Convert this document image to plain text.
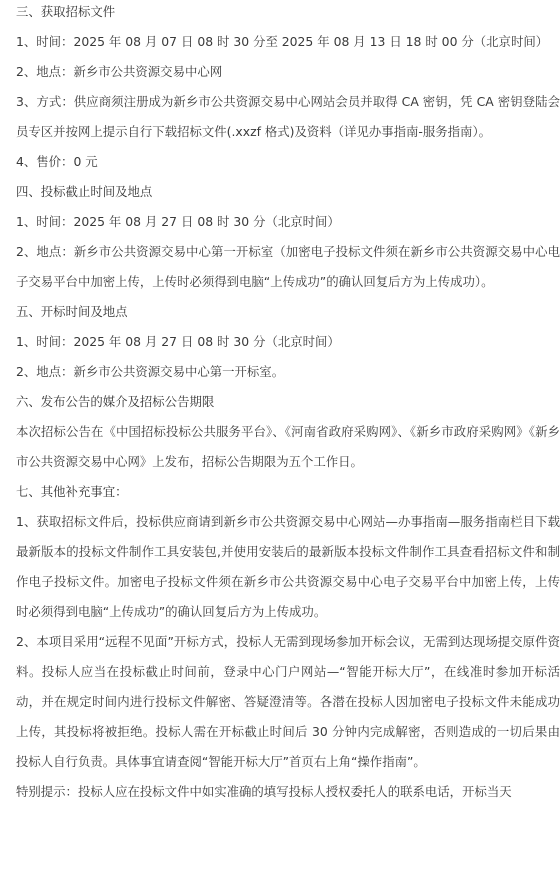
三、获取招标文件

1、时间：2025 年 08 月 07 日 08 时 30 分至 2025 年 08 月 13 日 18 时 00 分（北京时间）

2、地点：新乡市公共资源交易中心网

3、方式：供应商须注册成为新乡市公共资源交易中心网站会员并取得 CA 密钥，凭 CA 密钥登陆会员专区并按网上提示自行下载招标文件(.xxzf 格式)及资料（详见办事指南-服务指南）。

4、售价：0 元

四、投标截止时间及地点

1、时间：2025 年 08 月 27 日 08 时 30 分（北京时间）

2、地点：新乡市公共资源交易中心第一开标室（加密电子投标文件须在新乡市公共资源交易中心电子交易平台中加密上传，上传时必须得到电脑“上传成功”的确认回复后方为上传成功）。

五、开标时间及地点

1、时间：2025 年 08 月 27 日 08 时 30 分（北京时间）

2、地点：新乡市公共资源交易中心第一开标室。

六、发布公告的媒介及招标公告期限

本次招标公告在《中国招标投标公共服务平台》、《河南省政府采购网》、《新乡市政府采购网》《新乡市公共资源交易中心网》上发布，招标公告期限为五个工作日。

七、其他补充事宜：

1、获取招标文件后，投标供应商请到新乡市公共资源交易中心网站—办事指南—服务指南栏目下载最新版本的投标文件制作工具安装包,并使用安装后的最新版本投标文件制作工具查看招标文件和制作电子投标文件。加密电子投标文件须在新乡市公共资源交易中心电子交易平台中加密上传，上传时必须得到电脑“上传成功”的确认回复后方为上传成功。

2、本项目采用“远程不见面”开标方式，投标人无需到现场参加开标会议，无需到达现场提交原件资料。投标人应当在投标截止时间前，登录中心门户网站—“智能开标大厅”，在线准时参加开标活动，并在规定时间内进行投标文件解密、答疑澄清等。各潜在投标人因加密电子投标文件未能成功上传，其投标将被拒绝。投标人需在开标截止时间后 30 分钟内完成解密，否则造成的一切后果由投标人自行负责。具体事宜请查阅“智能开标大厅”首页右上角“操作指南”。

特别提示：投标人应在投标文件中如实准确的填写投标人授权委托人的联系电话，开标当天
